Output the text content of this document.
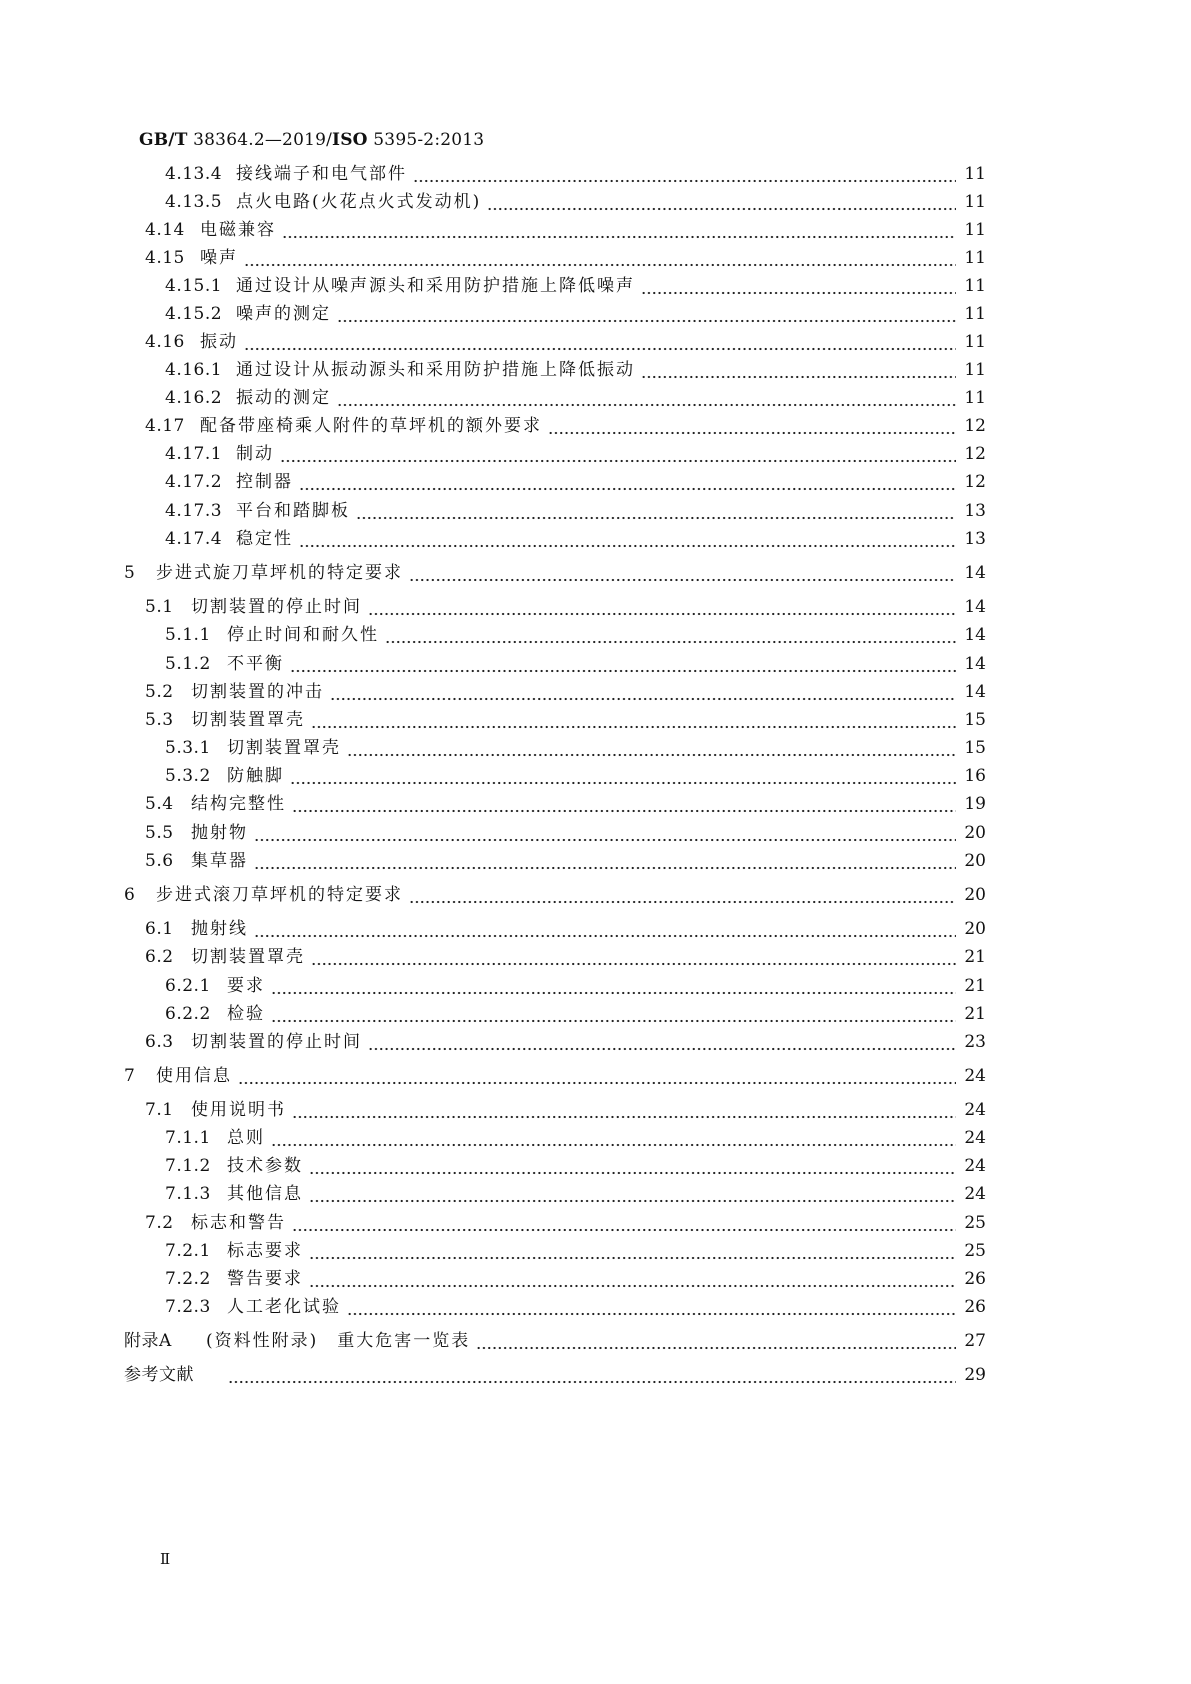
GB/T 38364.2—2019/ISO 5395-2:2013
4.13.4 接线端子和电气部件	11
4.13.5 点火电路(火花点火式发动机)	11
4.14 电磁兼容	11
4.15 噪声	11
4.15.1 通过设计从噪声源头和采用防护措施上降低噪声	11
4.15.2 噪声的测定	11
4.16 振动	11
4.16.1 通过设计从振动源头和采用防护措施上降低振动	11
4.16.2 振动的测定	11
4.17 配备带座椅乘人附件的草坪机的额外要求	12
4.17.1 制动	12
4.17.2 控制器	12
4.17.3 平台和踏脚板	13
4.17.4 稳定性	13
5	步进式旋刀草坪机的特定要求	14
5.1	切割装置的停止时间	14
5.1.1 停止时间和耐久性	14
5.1.2 不平衡	14
5.2	切割装置的冲击	14
5.3	切割装置罩壳	15
5.3.1 切割装置罩壳	15
5.3.2 防触脚	16
5.4	结构完整性	19
5.5	抛射物	20
5.6	集草器	20
6	步进式滚刀草坪机的特定要求	20
6.1	抛射线	20
6.2	切割装置罩壳	21
6.2.1 要求	21
6.2.2 检验	21
6.3	切割装置的停止时间	23
7	使用信息	24
7.1	使用说明书	24
7.1.1 总则	24
7.1.2 技术参数	24
7.1.3 其他信息	24
7.2	标志和警告	25
7.2.1 标志要求	25
7.2.2 警告要求	26
7.2.3 人工老化试验	26
附录A	(资料性附录)　重大危害一览表	27
参考文献	29
Ⅱ
